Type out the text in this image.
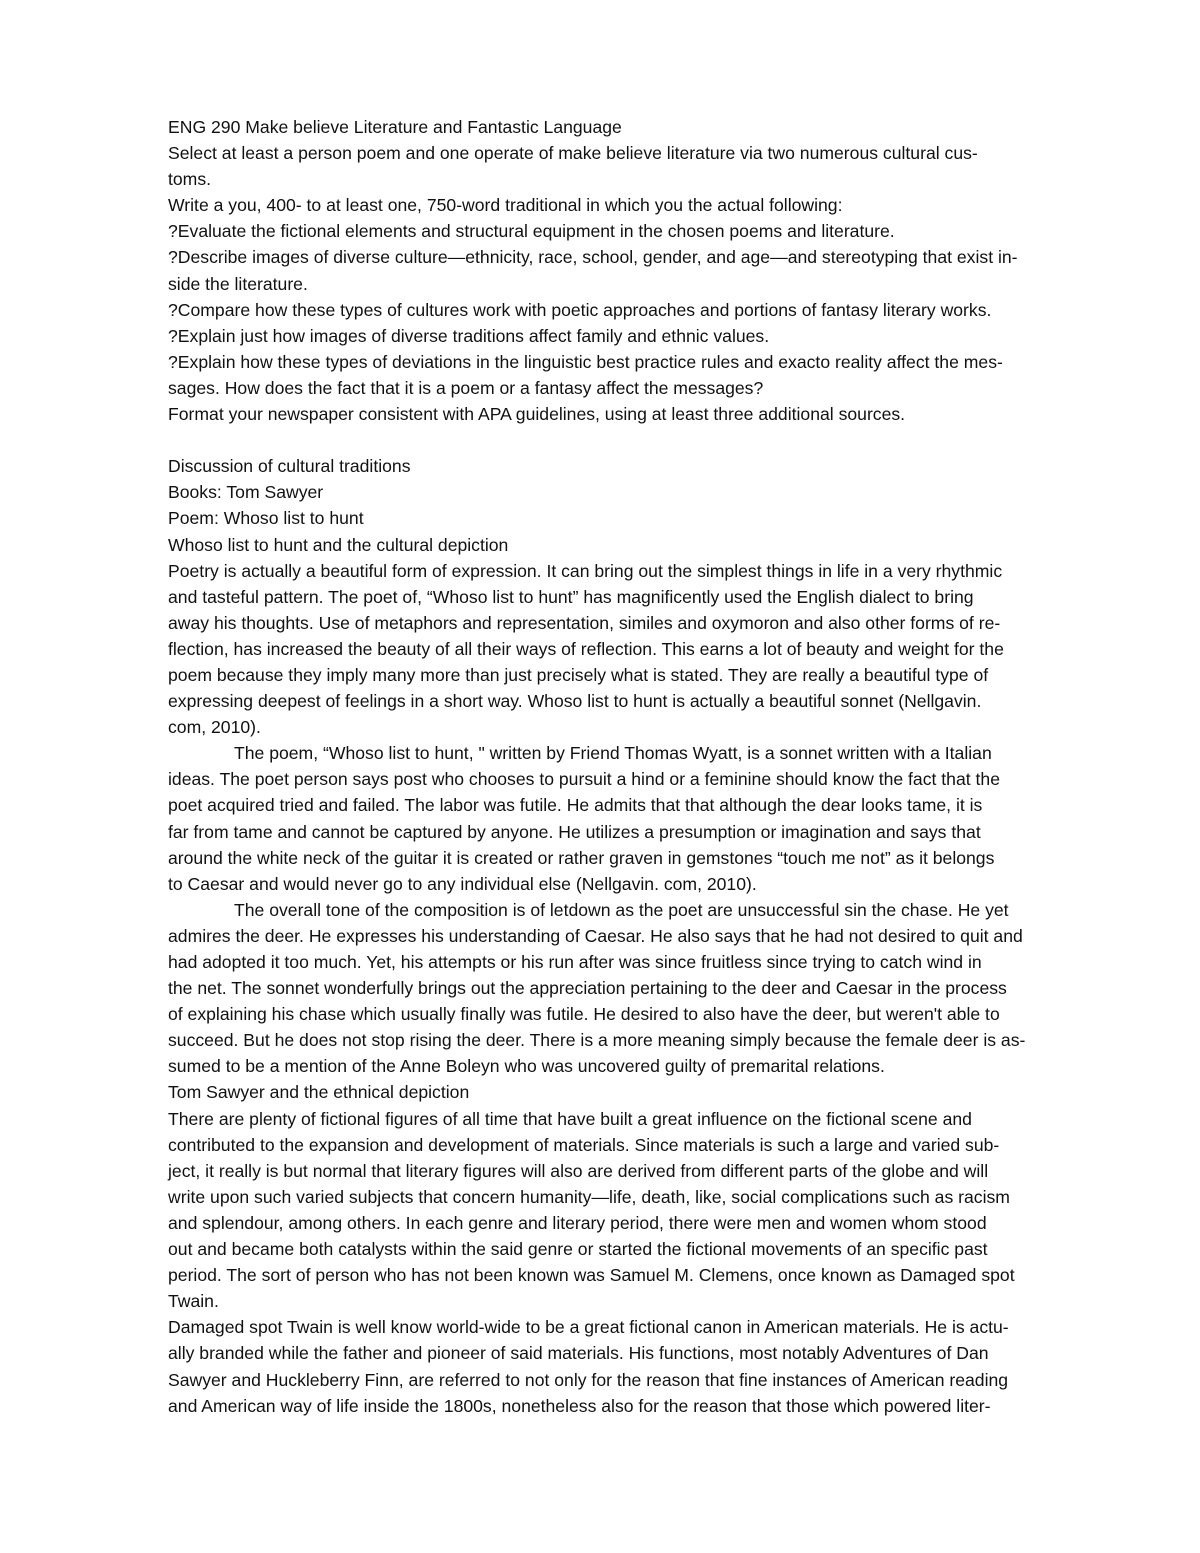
ENG 290 Make believe Literature and Fantastic Language
Select at least a person poem and one operate of make believe literature via two numerous cultural cus-
toms.
Write a you, 400- to at least one, 750-word traditional in which you the actual following:
?Evaluate the fictional elements and structural equipment in the chosen poems and literature.
?Describe images of diverse culture—ethnicity, race, school, gender, and age—and stereotyping that exist in-
side the literature.
?Compare how these types of cultures work with poetic approaches and portions of fantasy literary works.
?Explain just how images of diverse traditions affect family and ethnic values.
?Explain how these types of deviations in the linguistic best practice rules and exacto reality affect the mes-
sages. How does the fact that it is a poem or a fantasy affect the messages?
Format your newspaper consistent with APA guidelines, using at least three additional sources.
Discussion of cultural traditions
Books: Tom Sawyer
Poem: Whoso list to hunt
Whoso list to hunt and the cultural depiction
Poetry is actually a beautiful form of expression. It can bring out the simplest things in life in a very rhythmic
and tasteful pattern. The poet of, “Whoso list to hunt” has magnificently used the English dialect to bring
away his thoughts. Use of metaphors and representation, similes and oxymoron and also other forms of re-
flection, has increased the beauty of all their ways of reflection. This earns a lot of beauty and weight for the
poem because they imply many more than just precisely what is stated. They are really a beautiful type of
expressing deepest of feelings in a short way. Whoso list to hunt is actually a beautiful sonnet (Nellgavin.
com, 2010).
The poem, “Whoso list to hunt, " written by Friend Thomas Wyatt, is a sonnet written with a Italian
ideas. The poet person says post who chooses to pursuit a hind or a feminine should know the fact that the
poet acquired tried and failed. The labor was futile. He admits that that although the dear looks tame, it is
far from tame and cannot be captured by anyone. He utilizes a presumption or imagination and says that
around the white neck of the guitar it is created or rather graven in gemstones “touch me not” as it belongs
to Caesar and would never go to any individual else (Nellgavin. com, 2010).
The overall tone of the composition is of letdown as the poet are unsuccessful sin the chase. He yet
admires the deer. He expresses his understanding of Caesar. He also says that he had not desired to quit and
had adopted it too much. Yet, his attempts or his run after was since fruitless since trying to catch wind in
the net. The sonnet wonderfully brings out the appreciation pertaining to the deer and Caesar in the process
of explaining his chase which usually finally was futile. He desired to also have the deer, but weren't able to
succeed. But he does not stop rising the deer. There is a more meaning simply because the female deer is as-
sumed to be a mention of the Anne Boleyn who was uncovered guilty of premarital relations.
Tom Sawyer and the ethnical depiction
There are plenty of fictional figures of all time that have built a great influence on the fictional scene and
contributed to the expansion and development of materials. Since materials is such a large and varied sub-
ject, it really is but normal that literary figures will also are derived from different parts of the globe and will
write upon such varied subjects that concern humanity—life, death, like, social complications such as racism
and splendour, among others. In each genre and literary period, there were men and women whom stood
out and became both catalysts within the said genre or started the fictional movements of an specific past
period. The sort of person who has not been known was Samuel M. Clemens, once known as Damaged spot
Twain.
Damaged spot Twain is well know world-wide to be a great fictional canon in American materials. He is actu-
ally branded while the father and pioneer of said materials. His functions, most notably Adventures of Dan
Sawyer and Huckleberry Finn, are referred to not only for the reason that fine instances of American reading
and American way of life inside the 1800s, nonetheless also for the reason that those which powered liter-
